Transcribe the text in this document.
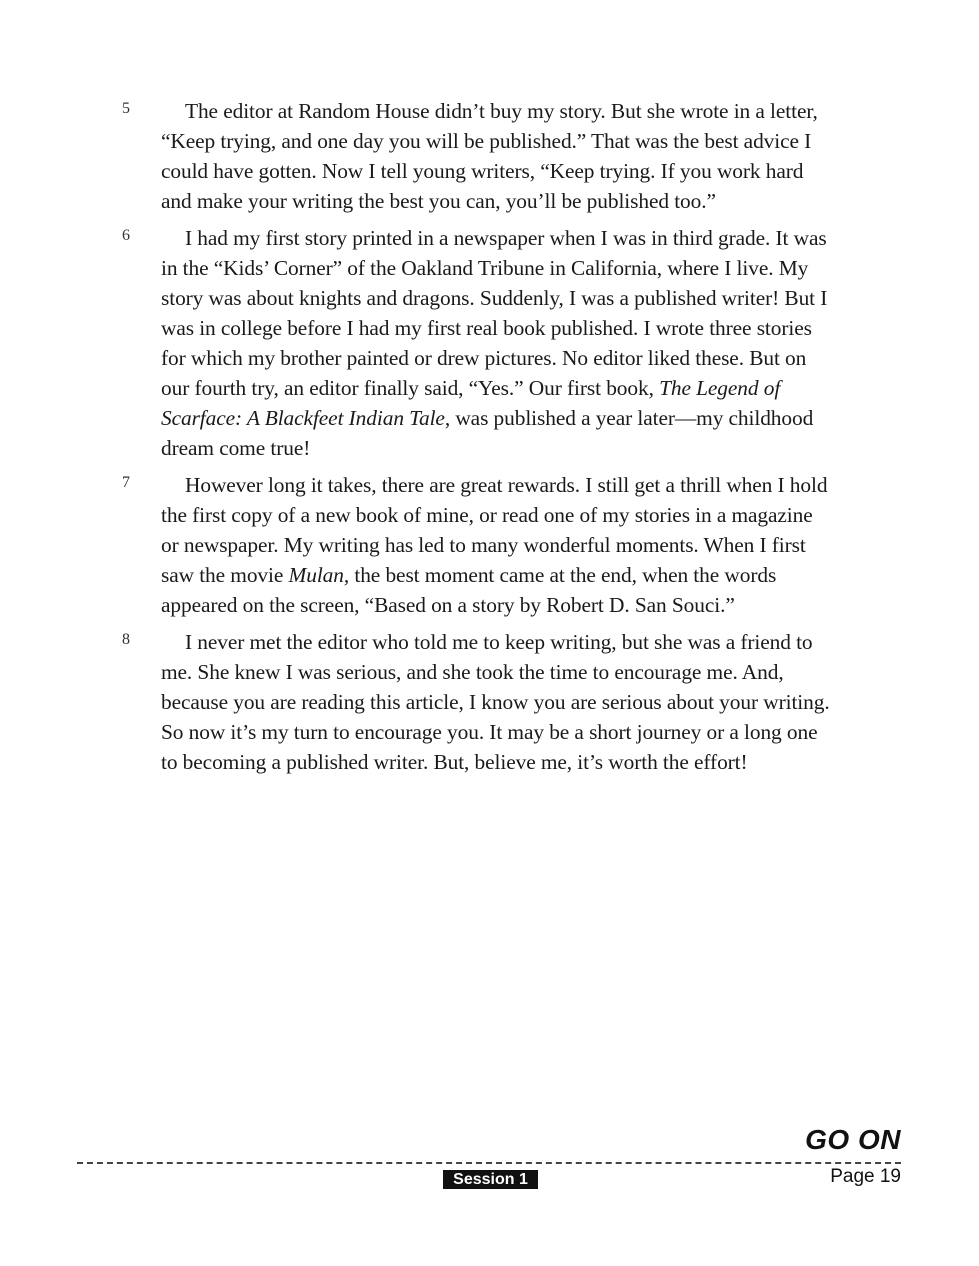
5	The editor at Random House didn’t buy my story. But she wrote in a letter, “Keep trying, and one day you will be published.” That was the best advice I could have gotten. Now I tell young writers, “Keep trying. If you work hard and make your writing the best you can, you’ll be published too.”

6	I had my first story printed in a newspaper when I was in third grade. It was in the “Kids’ Corner” of the Oakland Tribune in California, where I live. My story was about knights and dragons. Suddenly, I was a published writer! But I was in college before I had my first real book published. I wrote three stories for which my brother painted or drew pictures. No editor liked these. But on our fourth try, an editor finally said, “Yes.” Our first book, The Legend of Scarface: A Blackfeet Indian Tale, was published a year later—my childhood dream come true!

7	However long it takes, there are great rewards. I still get a thrill when I hold the first copy of a new book of mine, or read one of my stories in a magazine or newspaper. My writing has led to many wonderful moments. When I first saw the movie Mulan, the best moment came at the end, when the words appeared on the screen, “Based on a story by Robert D. San Souci.”

8	I never met the editor who told me to keep writing, but she was a friend to me. She knew I was serious, and she took the time to encourage me. And, because you are reading this article, I know you are serious about your writing. So now it’s my turn to encourage you. It may be a short journey or a long one to becoming a published writer. But, believe me, it’s worth the effort!

GO ON
Session 1	Page 19
